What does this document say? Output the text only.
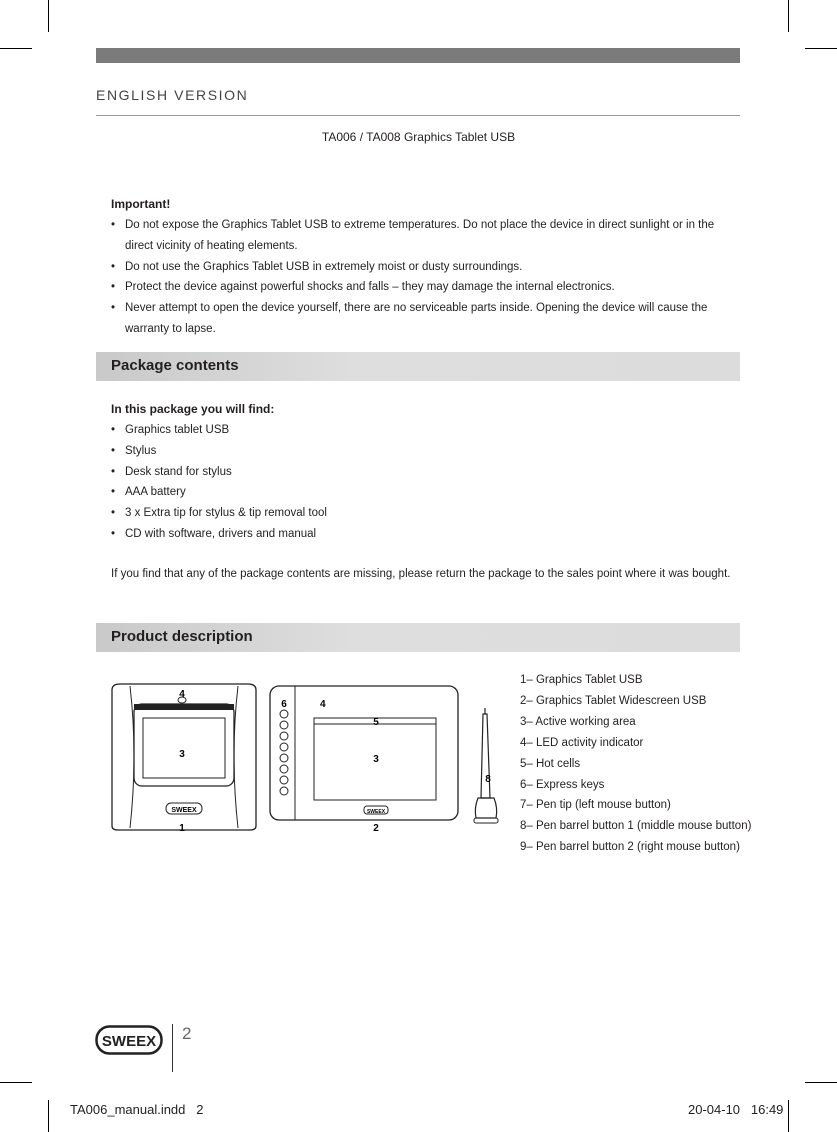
ENGLISH VERSION
TA006 / TA008 Graphics Tablet USB
Important!
• Do not expose the Graphics Tablet USB to extreme temperatures. Do not place the device in direct sunlight or in the direct vicinity of heating elements.
• Do not use the Graphics Tablet USB in extremely moist or dusty surroundings.
• Protect the device against powerful shocks and falls – they may damage the internal electronics.
• Never attempt to open the device yourself, there are no serviceable parts inside. Opening the device will cause the warranty to lapse.
Package contents
In this package you will find:
• Graphics tablet USB
• Stylus
• Desk stand for stylus
• AAA battery
• 3 x Extra tip for stylus & tip removal tool
• CD with software, drivers and manual
If you find that any of the package contents are missing, please return the package to the sales point where it was bought.
Product description
SWEEX
4
3
1
SWEEX
6	4
5
3
2
8
1– Graphics Tablet USB
2– Graphics Tablet Widescreen USB
3– Active working area
4– LED activity indicator
5– Hot cells
6– Express keys
7– Pen tip (left mouse button)
8– Pen barrel button 1 (middle mouse button)
9– Pen barrel button 2 (right mouse button)
SWEEX 2
TA006_manual.indd   2	20-04-10   16:49
